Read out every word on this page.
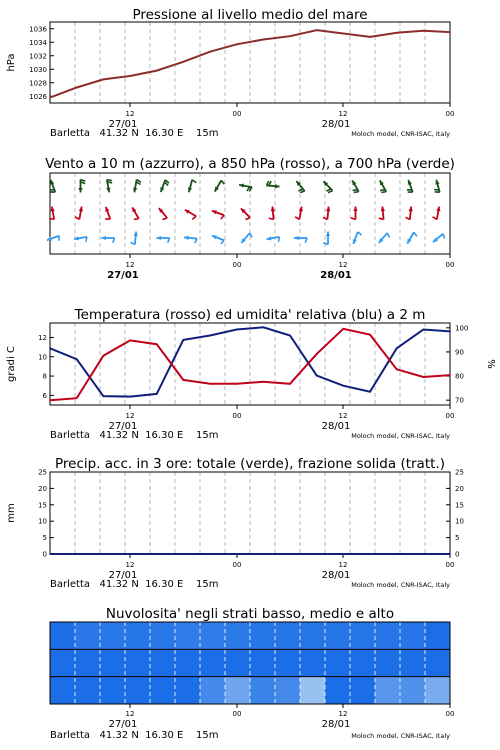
Pressione al livello medio del mare
12	00	12	00
27/01	28/01
Barletta   41.32 N  16.30 E    15m	Moloch model, CNR-ISAC, Italy
1026
1028
1030
1032
1034
1036
hPa
Vento a 10 m (azzurro), a 850 hPa (rosso), a 700 hPa (verde)
12	00	12	00
27/01	28/01
Temperatura (rosso) ed umidita' relativa (blu) a 2 m
12	00	12	00
27/01	28/01
Barletta   41.32 N  16.30 E    15m	Moloch model, CNR-ISAC, Italy
6
8
10
12
70
80
90
100
gradi C	%
Precip. acc. in 3 ore: totale (verde), frazione solida (tratt.)
12	00	12	00
27/01	28/01
Barletta   41.32 N  16.30 E    15m	Moloch model, CNR-ISAC, Italy
0
5
10
15
20
25
0
5
10
15
20
25
mm
Nuvolosita' negli strati basso, medio e alto
12	00	12	00
27/01	28/01
Barletta   41.32 N  16.30 E    15m	Moloch model, CNR-ISAC, Italy
